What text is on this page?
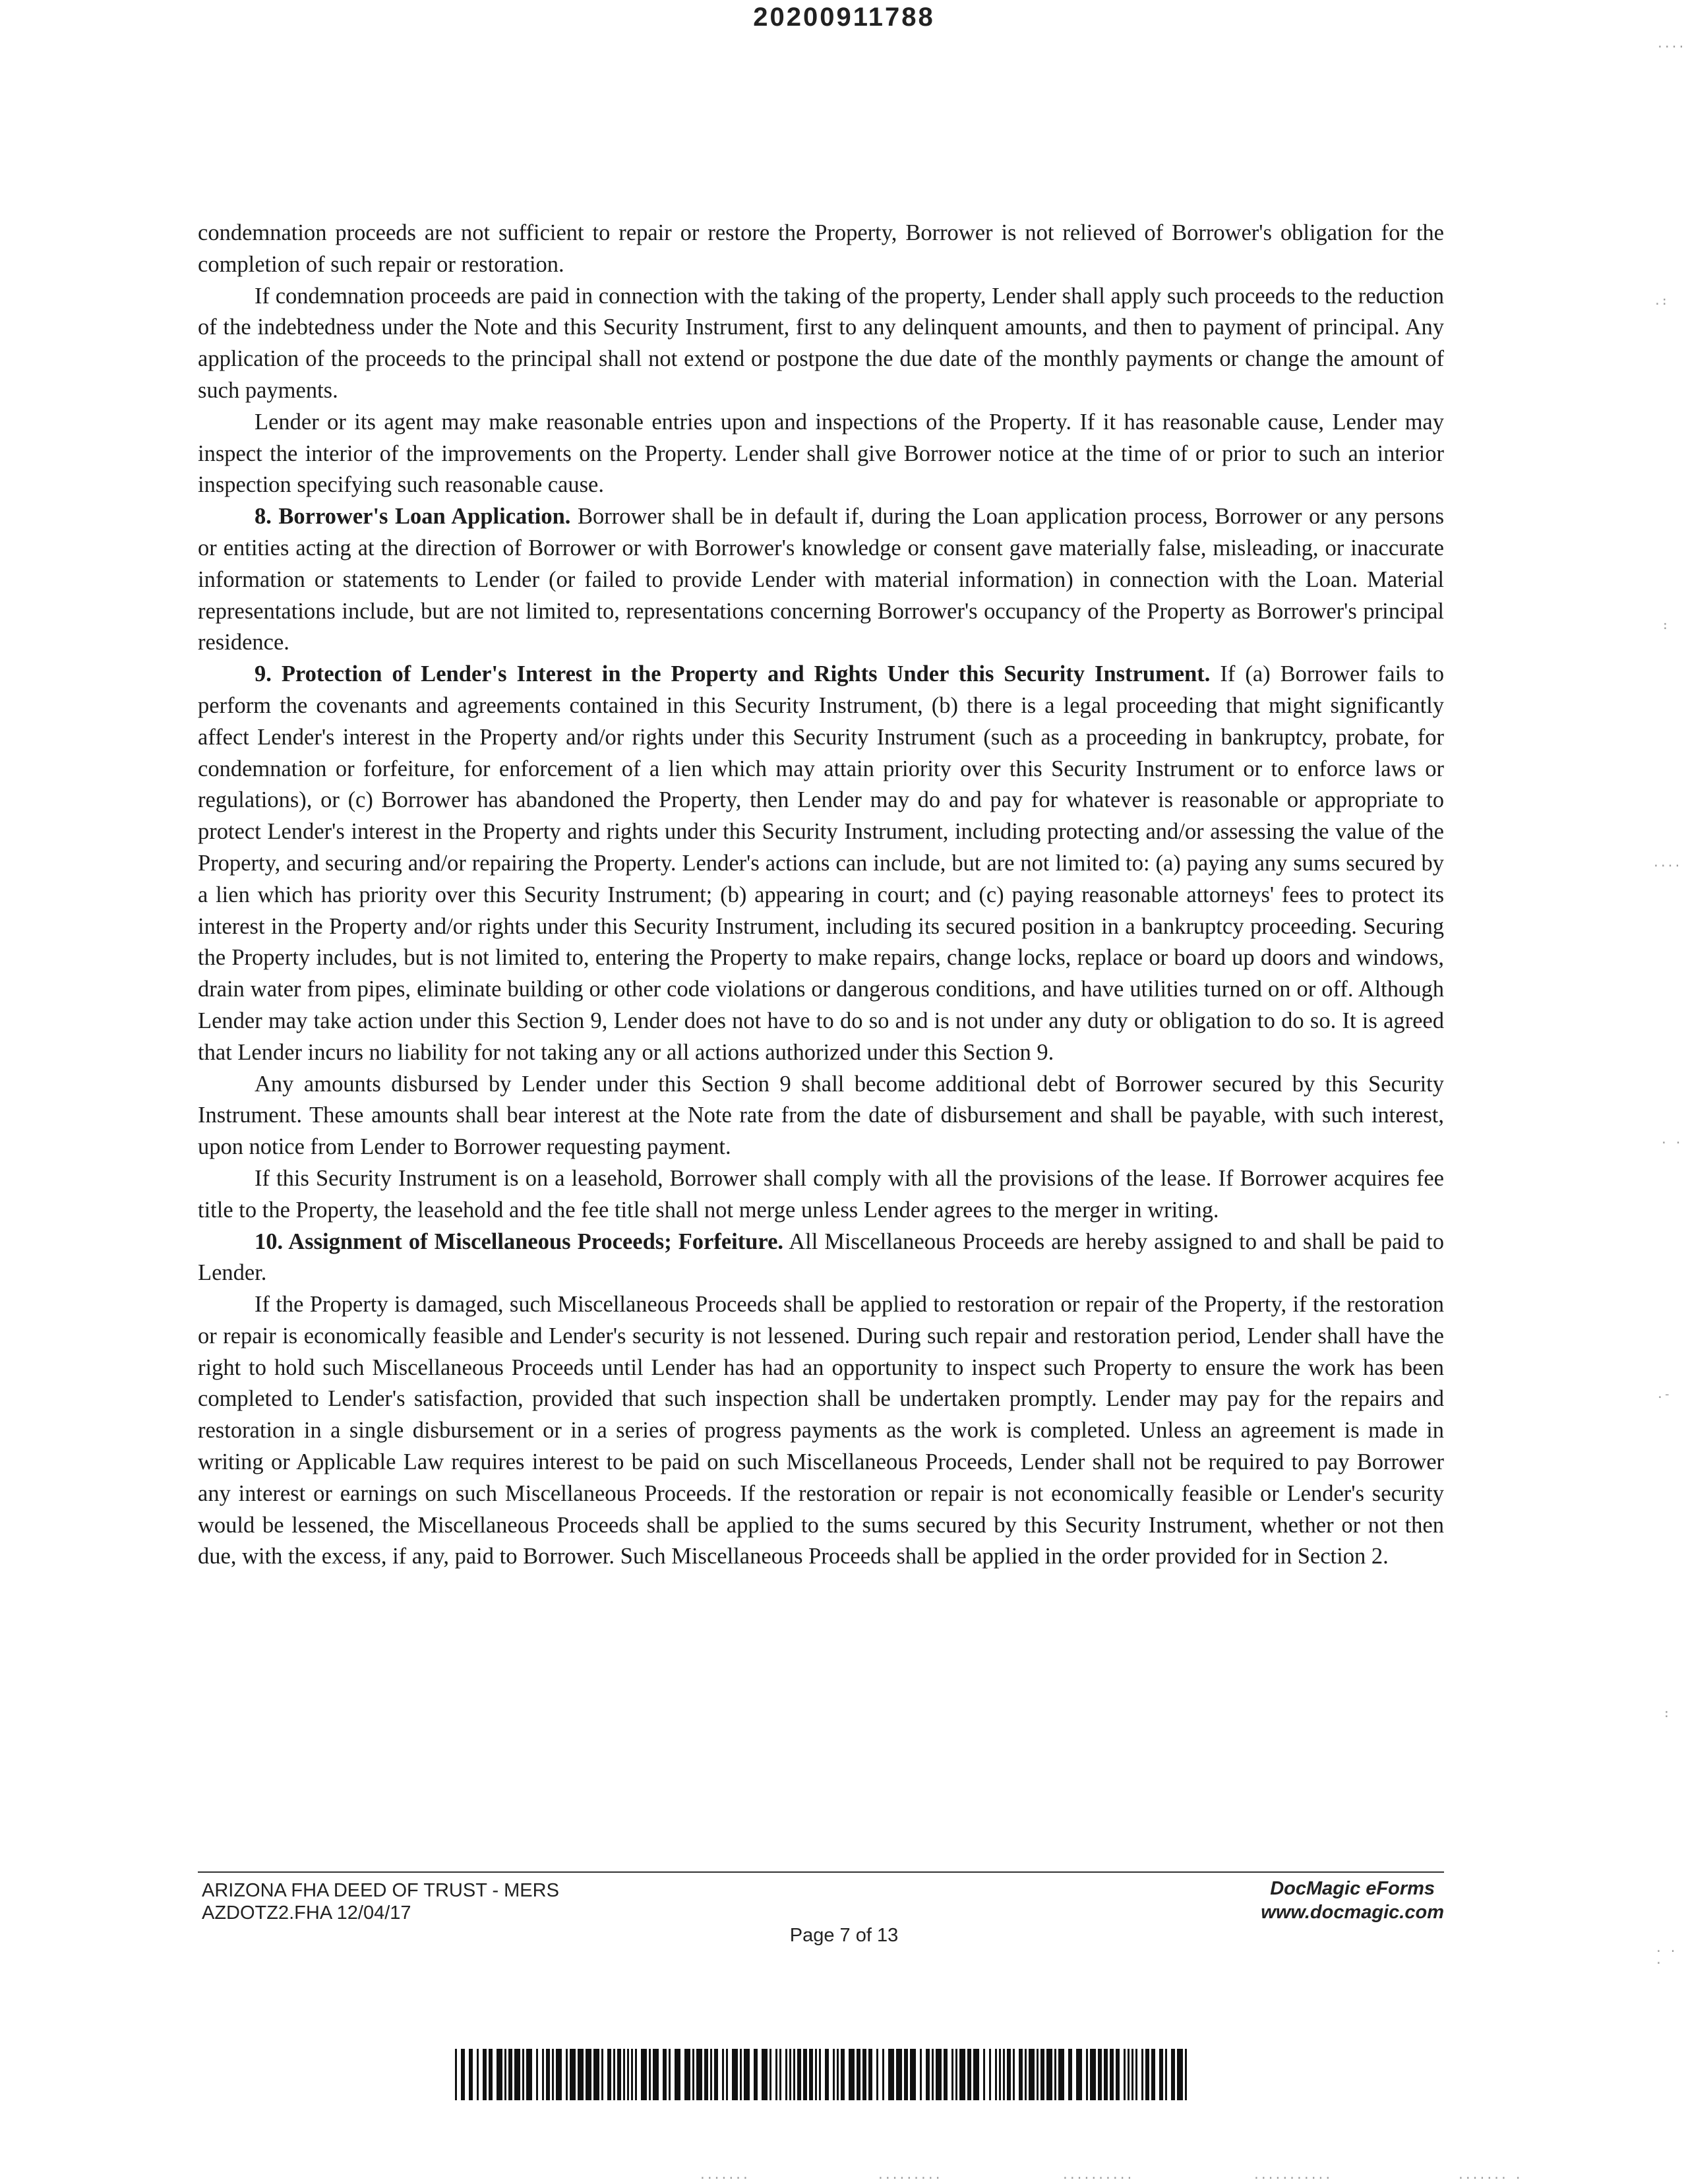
20200911788

condemnation proceeds are not sufficient to repair or restore the Property, Borrower is not relieved of Borrower's obligation for the completion of such repair or restoration.

If condemnation proceeds are paid in connection with the taking of the property, Lender shall apply such proceeds to the reduction of the indebtedness under the Note and this Security Instrument, first to any delinquent amounts, and then to payment of principal. Any application of the proceeds to the principal shall not extend or postpone the due date of the monthly payments or change the amount of such payments.

Lender or its agent may make reasonable entries upon and inspections of the Property. If it has reasonable cause, Lender may inspect the interior of the improvements on the Property. Lender shall give Borrower notice at the time of or prior to such an interior inspection specifying such reasonable cause.

8. Borrower's Loan Application. Borrower shall be in default if, during the Loan application process, Borrower or any persons or entities acting at the direction of Borrower or with Borrower's knowledge or consent gave materially false, misleading, or inaccurate information or statements to Lender (or failed to provide Lender with material information) in connection with the Loan. Material representations include, but are not limited to, representations concerning Borrower's occupancy of the Property as Borrower's principal residence.

9. Protection of Lender's Interest in the Property and Rights Under this Security Instrument. If (a) Borrower fails to perform the covenants and agreements contained in this Security Instrument, (b) there is a legal proceeding that might significantly affect Lender's interest in the Property and/or rights under this Security Instrument (such as a proceeding in bankruptcy, probate, for condemnation or forfeiture, for enforcement of a lien which may attain priority over this Security Instrument or to enforce laws or regulations), or (c) Borrower has abandoned the Property, then Lender may do and pay for whatever is reasonable or appropriate to protect Lender's interest in the Property and rights under this Security Instrument, including protecting and/or assessing the value of the Property, and securing and/or repairing the Property. Lender's actions can include, but are not limited to: (a) paying any sums secured by a lien which has priority over this Security Instrument; (b) appearing in court; and (c) paying reasonable attorneys' fees to protect its interest in the Property and/or rights under this Security Instrument, including its secured position in a bankruptcy proceeding. Securing the Property includes, but is not limited to, entering the Property to make repairs, change locks, replace or board up doors and windows, drain water from pipes, eliminate building or other code violations or dangerous conditions, and have utilities turned on or off. Although Lender may take action under this Section 9, Lender does not have to do so and is not under any duty or obligation to do so. It is agreed that Lender incurs no liability for not taking any or all actions authorized under this Section 9.

Any amounts disbursed by Lender under this Section 9 shall become additional debt of Borrower secured by this Security Instrument. These amounts shall bear interest at the Note rate from the date of disbursement and shall be payable, with such interest, upon notice from Lender to Borrower requesting payment.

If this Security Instrument is on a leasehold, Borrower shall comply with all the provisions of the lease. If Borrower acquires fee title to the Property, the leasehold and the fee title shall not merge unless Lender agrees to the merger in writing.

10. Assignment of Miscellaneous Proceeds; Forfeiture. All Miscellaneous Proceeds are hereby assigned to and shall be paid to Lender.

If the Property is damaged, such Miscellaneous Proceeds shall be applied to restoration or repair of the Property, if the restoration or repair is economically feasible and Lender's security is not lessened. During such repair and restoration period, Lender shall have the right to hold such Miscellaneous Proceeds until Lender has had an opportunity to inspect such Property to ensure the work has been completed to Lender's satisfaction, provided that such inspection shall be undertaken promptly. Lender may pay for the repairs and restoration in a single disbursement or in a series of progress payments as the work is completed. Unless an agreement is made in writing or Applicable Law requires interest to be paid on such Miscellaneous Proceeds, Lender shall not be required to pay Borrower any interest or earnings on such Miscellaneous Proceeds. If the restoration or repair is not economically feasible or Lender's security would be lessened, the Miscellaneous Proceeds shall be applied to the sums secured by this Security Instrument, whether or not then due, with the excess, if any, paid to Borrower. Such Miscellaneous Proceeds shall be applied in the order provided for in Section 2.

ARIZONA FHA DEED OF TRUST - MERS
AZDOTZ2.FHA 12/04/17
DocMagic eForms
www.docmagic.com
Page 7 of 13
....
.:
:
....
. .
.-
:
. . .
.......	.........	..........	...........	....... .
